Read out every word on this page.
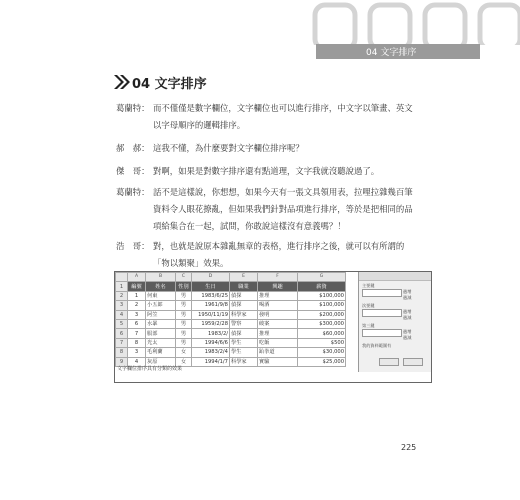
04 文字排序
04 文字排序
葛蘭特： 而不僅僅是數字欄位，文字欄位也可以進行排序，中文字以筆畫、英文
以字母順序的邏輯排序。
郝　郝： 這我不懂，為什麼要對文字欄位排序呢？
傑　哥： 對啊，如果是對數字排序還有點道理，文字我就沒聽說過了。
葛蘭特： 話不是這樣說，你想想，如果今天有一張文具領用表，拉哩拉雜幾百筆
資料令人眼花撩亂，但如果我們針對品項進行排序，等於是把相同的品
項給集合在一起，試問，你敢說這樣沒有意義嗎？！
浩　哥： 對，也就是說原本雜亂無章的表格，進行排序之後，就可以有所謂的
「物以類聚」效果。
	A	B	C	D	E	F	G
1	編號	姓名	性別	生日	職業	興趣	薪資
2	1	何東	男	1983/6/25	偵探	推理	$100,000
3	2	小五郎	男	1961/9/8	偵探	喝酒	$100,000
4	3	阿笠	男	1950/11/19	科學家	發明	$200,000
5	6	水暴	男	1959/2/28	警察	破案	$300,000
6	7	服部	男	1983/2/	偵探	推理	$60,000
7	8	光太	男	1994/6/6	學生	吃飯	$500
8	3	毛利蘭	女	1983/2/4	學生	跆拳道	$30,000
9	4	灰原	女	1994/1/7	科學家	實驗	$25,000
主要鍵
遞增
遞減
次要鍵
遞增
遞減
第三鍵
遞增
遞減
我的資料範圍有
文字欄位排序具有分類的效果
225
